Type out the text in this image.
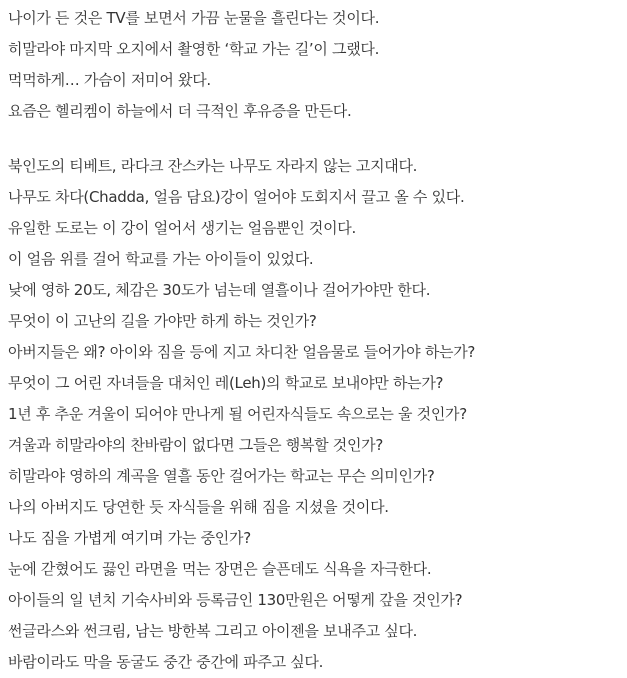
나이가 든 것은 TV를 보면서 가끔 눈물을 흘린다는 것이다.
히말라야 마지막 오지에서 촬영한 ‘학교 가는 길’이 그랬다.
먹먹하게… 가슴이 저미어 왔다.
요즘은 헬리켐이 하늘에서 더 극적인 후유증을 만든다.
북인도의 티베트, 라다크 잔스카는 나무도 자라지 않는 고지대다.
나무도 차다(Chadda, 얼음 담요)강이 얼어야 도회지서 끌고 올 수 있다.
유일한 도로는 이 강이 얼어서 생기는 얼음뿐인 것이다.
이 얼음 위를 걸어 학교를 가는 아이들이 있었다.
낮에 영하 20도, 체감은 30도가 넘는데 열흘이나 걸어가야만 한다.
무엇이 이 고난의 길을 가야만 하게 하는 것인가?
아버지들은 왜? 아이와 짐을 등에 지고 차디찬 얼음물로 들어가야 하는가?
무엇이 그 어린 자녀들을 대처인 레(Leh)의 학교로 보내야만 하는가?
1년 후 추운 겨울이 되어야 만나게 될 어린자식들도 속으로는 울 것인가?
겨울과 히말라야의 찬바람이 없다면 그들은 행복할 것인가?
히말라야 영하의 계곡을 열흘 동안 걸어가는 학교는 무슨 의미인가?
나의 아버지도 당연한 듯 자식들을 위해 짐을 지셨을 것이다.
나도 짐을 가볍게 여기며 가는 중인가?
눈에 갇혔어도 끓인 라면을 먹는 장면은 슬픈데도 식욕을 자극한다.
아이들의 일 년치 기숙사비와 등록금인 130만원은 어떻게 갚을 것인가?
썬글라스와 썬크림, 남는 방한복 그리고 아이젠을 보내주고 싶다.
바람이라도 막을 동굴도 중간 중간에 파주고 싶다.
